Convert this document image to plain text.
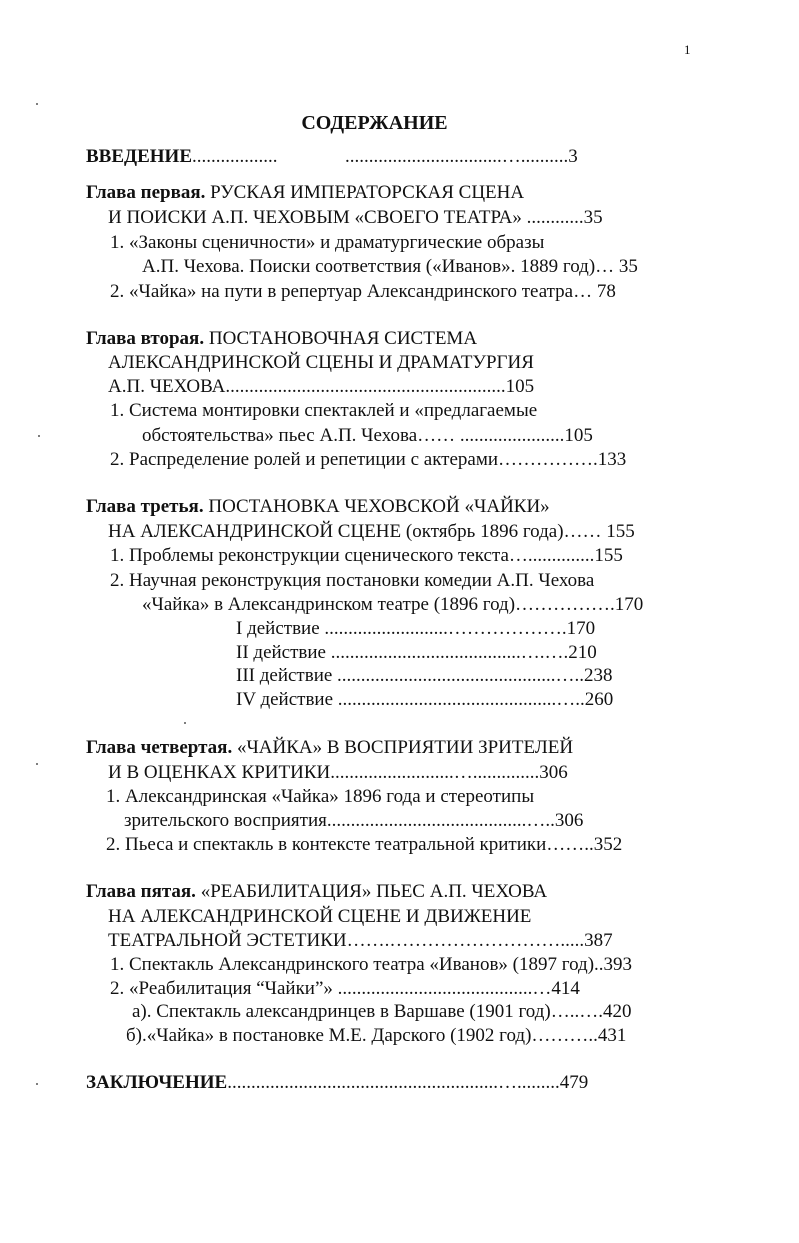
1
СОДЕРЖАНИЕ
ВВЕДЕНИЕ..................	.................................…..........3
Глава первая. РУСКАЯ ИМПЕРАТОРСКАЯ СЦЕНА
И ПОИСКИ А.П. ЧЕХОВЫМ «СВОЕГО ТЕАТРА» ............35
1. «Законы сценичности» и драматургические образы
А.П. Чехова. Поиски соответствия («Иванов». 1889 год)… 35
2. «Чайка» на пути в репертуар Александринского театра… 78
Глава вторая. ПОСТАНОВОЧНАЯ СИСТЕМА
АЛЕКСАНДРИНСКОЙ СЦЕНЫ И ДРАМАТУРГИЯ
А.П. ЧЕХОВА...........................................................105
1. Система монтировки спектаклей и «предлагаемые
обстоятельства» пьес А.П. Чехова…… ......................105
2. Распределение ролей и репетиции с актерами…………….133
Глава третья. ПОСТАНОВКА ЧЕХОВСКОЙ «ЧАЙКИ»
НА АЛЕКСАНДРИНСКОЙ СЦЕНЕ (октябрь 1896 года)…… 155
1. Проблемы реконструкции сценического текста…..............155
2. Научная реконструкция постановки комедии А.П. Чехова
«Чайка» в Александринском театре (1896 год)…………….170
I действие ..........................……………….170
II действие ........................................….….210
III действие ..............................................…..238
IV действие ..............................................…..260
Глава четвертая. «ЧАЙКА» В ВОСПРИЯТИИ ЗРИТЕЛЕЙ
И В ОЦЕНКАХ КРИТИКИ..........................…..............306
1. Александринская «Чайка» 1896 года и стереотипы
зрительского восприятия..........................................…..306
2. Пьеса и спектакль в контексте театральной критики……..352
Глава пятая. «РЕАБИЛИТАЦИЯ» ПЬЕС А.П. ЧЕХОВА
НА АЛЕКСАНДРИНСКОЙ СЦЕНЕ И ДВИЖЕНИЕ
ТЕАТРАЛЬНОЙ ЭСТЕТИКИ…….……………………….....387
1. Спектакль Александринского театра «Иванов» (1897 год)..393
2. «Реабилитация “Чайки”» .........................................…414
а). Спектакль александринцев в Варшаве (1901 год)…..….420
б).«Чайка» в постановке М.Е. Дарского (1902 год)………..431
ЗАКЛЮЧЕНИЕ.........................................................….........479
